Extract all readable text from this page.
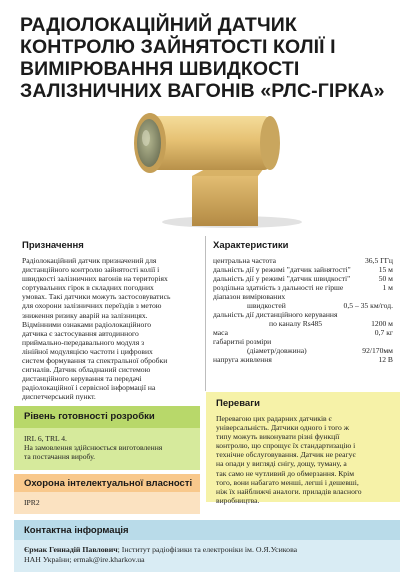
РАДІОЛОКАЦІЙНИЙ ДАТЧИК
КОНТРОЛЮ ЗАЙНЯТОСТІ КОЛІЇ І
ВИМІРЮВАННЯ ШВИДКОСТІ
ЗАЛІЗНИЧНИХ ВАГОНІВ «РЛС-ГІРКА»
Призначення
Радіолокаційний датчик призначений для
дистанційного контролю зайнятості колії і
швидкості залізничних вагонів на територіях
сортувальних гірок в складних погодних
умовах. Такі датчики можуть застосовуватись
для охорони залізничних переїздів з метою
зниження ризику аварій на залізницях.
Відмінними ознаками радіолокаційного
датчика є застосування автодинного
приймально-передавального модуля з
лінійної модуляцією частоти і цифрових
систем формування та спектральної обробки
сигналів. Датчик обладнаний системою
дистанційного керування та передачі
радіолокаційної і сервісної інформації на
диспетчерський пункт.
Характеристики
центральна частота	36,5 ГГц
дальність дії у режимі "датчик зайнятості"	15 м
дальність дії у режимі "датчик швидкості"	50 м
роздільна здатність з дальності не гірше	1 м
діапазон вимірюваних
швидкостей	0,5 – 35 км/год.
дальність дії дистанційного керування
по каналу Rs485	1200 м
маса	0,7 кг
габаритні розміри
(діаметр/довжина)	92/170мм
напруга живлення	12 В
Рівень готовності розробки
IRL 6, TRL 4.
На замовлення здійснюється виготовлення
та постачання виробу.
Охорона інтелектуальної власності
IPR2
Переваги
Перевагою цих радарних датчиків є
універсальність. Датчики одного і того ж
типу можуть виконувати різні функції
контролю, що спрощує їх стандартизацію і
технічне обслуговування. Датчик не реагує
на опади у вигляді снігу, дощу, туману, а
так само не чутливий до обмерзання. Крім
того, вони набагато менші, легші і дешевші,
ніж їх найближчі аналоги. приладів власного
виробництва.
Контактна інформація
Єрмак Геннадій Павлович; Інститут радіофізики та електроніки ім. О.Я.Усикова
НАН України; ermak@ire.kharkov.ua
